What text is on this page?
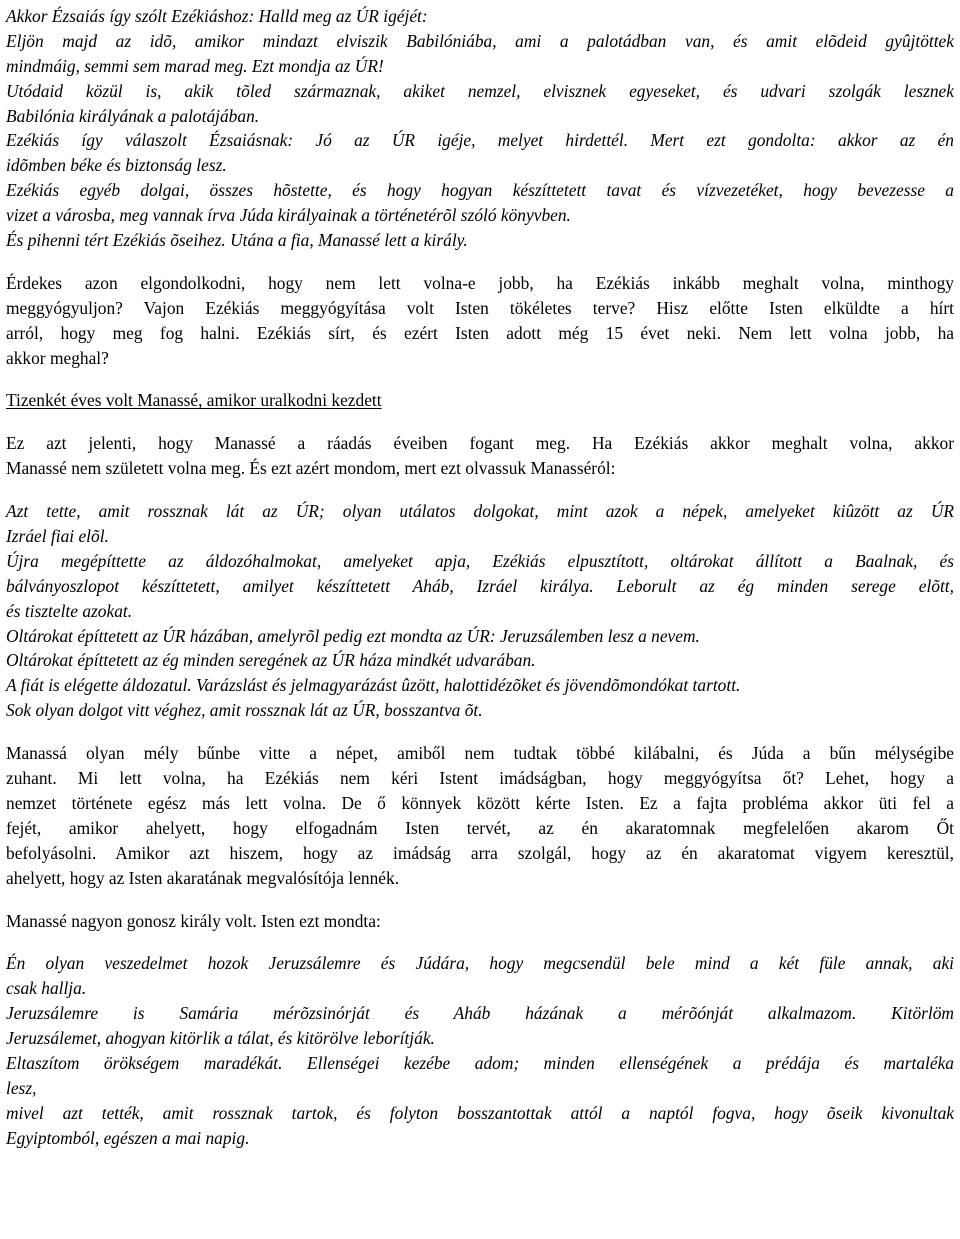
Akkor Ézsaiás így szólt Ezékiáshoz: Halld meg az ÚR igéjét:
Eljön majd az idõ, amikor mindazt elviszik Babilóniába, ami a palotádban van, és amit elõdeid gyûjtöttek
mindmáig, semmi sem marad meg. Ezt mondja az ÚR!
Utódaid közül is, akik tõled származnak, akiket nemzel, elvisznek egyeseket, és udvari szolgák lesznek
Babilónia királyának a palotájában.
Ezékiás így válaszolt Ézsaiásnak: Jó az ÚR igéje, melyet hirdettél. Mert ezt gondolta: akkor az én
idõmben béke és biztonság lesz.
Ezékiás egyéb dolgai, összes hõstette, és hogy hogyan készíttetett tavat és vízvezetéket, hogy bevezesse a
vizet a városba, meg vannak írva Júda királyainak a történetérõl szóló könyvben.
És pihenni tért Ezékiás õseihez. Utána a fia, Manassé lett a király.
Érdekes azon elgondolkodni, hogy nem lett volna-e jobb, ha Ezékiás inkább meghalt volna, minthogy
meggyógyuljon? Vajon Ezékiás meggyógyítása volt Isten tökéletes terve? Hisz előtte Isten elküldte a hírt
arról, hogy meg fog halni. Ezékiás sírt, és ezért Isten adott még 15 évet neki. Nem lett volna jobb, ha
akkor meghal?
Tizenkét éves volt Manassé, amikor uralkodni kezdett
Ez azt jelenti, hogy Manassé a ráadás éveiben fogant meg. Ha Ezékiás akkor meghalt volna, akkor
Manassé nem született volna meg. És ezt azért mondom, mert ezt olvassuk Manasséról:
Azt tette, amit rossznak lát az ÚR; olyan utálatos dolgokat, mint azok a népek, amelyeket kiûzött az ÚR
Izráel fiai elõl.
Újra megépíttette az áldozóhalmokat, amelyeket apja, Ezékiás elpusztított, oltárokat állított a Baalnak, és
bálványoszlopot készíttetett, amilyet készíttetett Aháb, Izráel királya. Leborult az ég minden serege elõtt,
és tisztelte azokat.
Oltárokat építtetett az ÚR házában, amelyrõl pedig ezt mondta az ÚR: Jeruzsálemben lesz a nevem.
Oltárokat építtetett az ég minden seregének az ÚR háza mindkét udvarában.
A fiát is elégette áldozatul. Varázslást és jelmagyarázást ûzött, halottidézõket és jövendõmondókat tartott.
Sok olyan dolgot vitt véghez, amit rossznak lát az ÚR, bosszantva õt.
Manassá olyan mély bűnbe vitte a népet, amiből nem tudtak többé kilábalni, és Júda a bűn mélységibe
zuhant. Mi lett volna, ha Ezékiás nem kéri Istent imádságban, hogy meggyógyítsa őt? Lehet, hogy a
nemzet története egész más lett volna. De ő könnyek között kérte Isten. Ez a fajta probléma akkor üti fel a
fejét, amikor ahelyett, hogy elfogadnám Isten tervét, az én akaratomnak megfelelően akarom Őt
befolyásolni. Amikor azt hiszem, hogy az imádság arra szolgál, hogy az én akaratomat vigyem keresztül,
ahelyett, hogy az Isten akaratának megvalósítója lennék.
Manassé nagyon gonosz király volt. Isten ezt mondta:
Én olyan veszedelmet hozok Jeruzsálemre és Júdára, hogy megcsendül bele mind a két füle annak, aki
csak hallja.
Jeruzsálemre is Samária mérõzsinórját és Aháb házának a mérõónját alkalmazom. Kitörlöm
Jeruzsálemet, ahogyan kitörlik a tálat, és kitörölve leborítják.
Eltaszítom örökségem maradékát. Ellenségei kezébe adom; minden ellenségének a prédája és martaléka
lesz,
mivel azt tették, amit rossznak tartok, és folyton bosszantottak attól a naptól fogva, hogy õseik kivonultak
Egyiptomból, egészen a mai napig.
